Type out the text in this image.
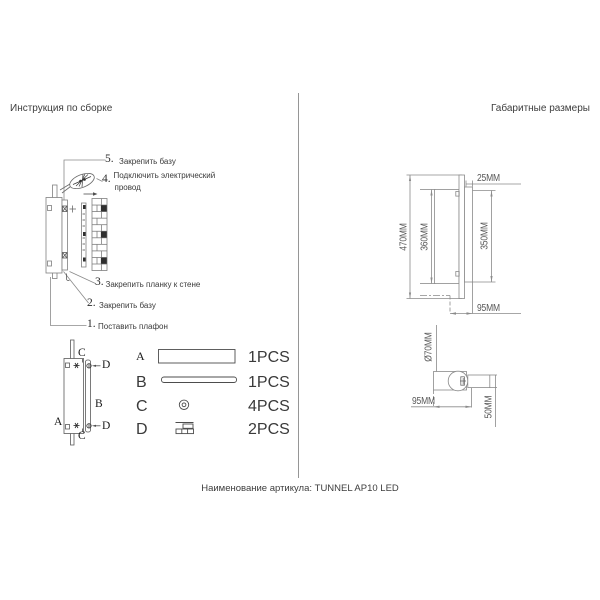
Инструкция по сборке	Габаритные размеры
5. Закрепить базу
4. Подключить электрический
провод
3. Закрепить планку к стене
2. Закрепить базу
1. Поставить плафон
C
D
B
A	D
C
A	1PCS
B	1PCS
C	4PCS
D	2PCS
470MM 360MM	350MM
25MM
95MM
Ø70MM
95MM	50MM
Наименование артикула: TUNNEL AP10 LED
